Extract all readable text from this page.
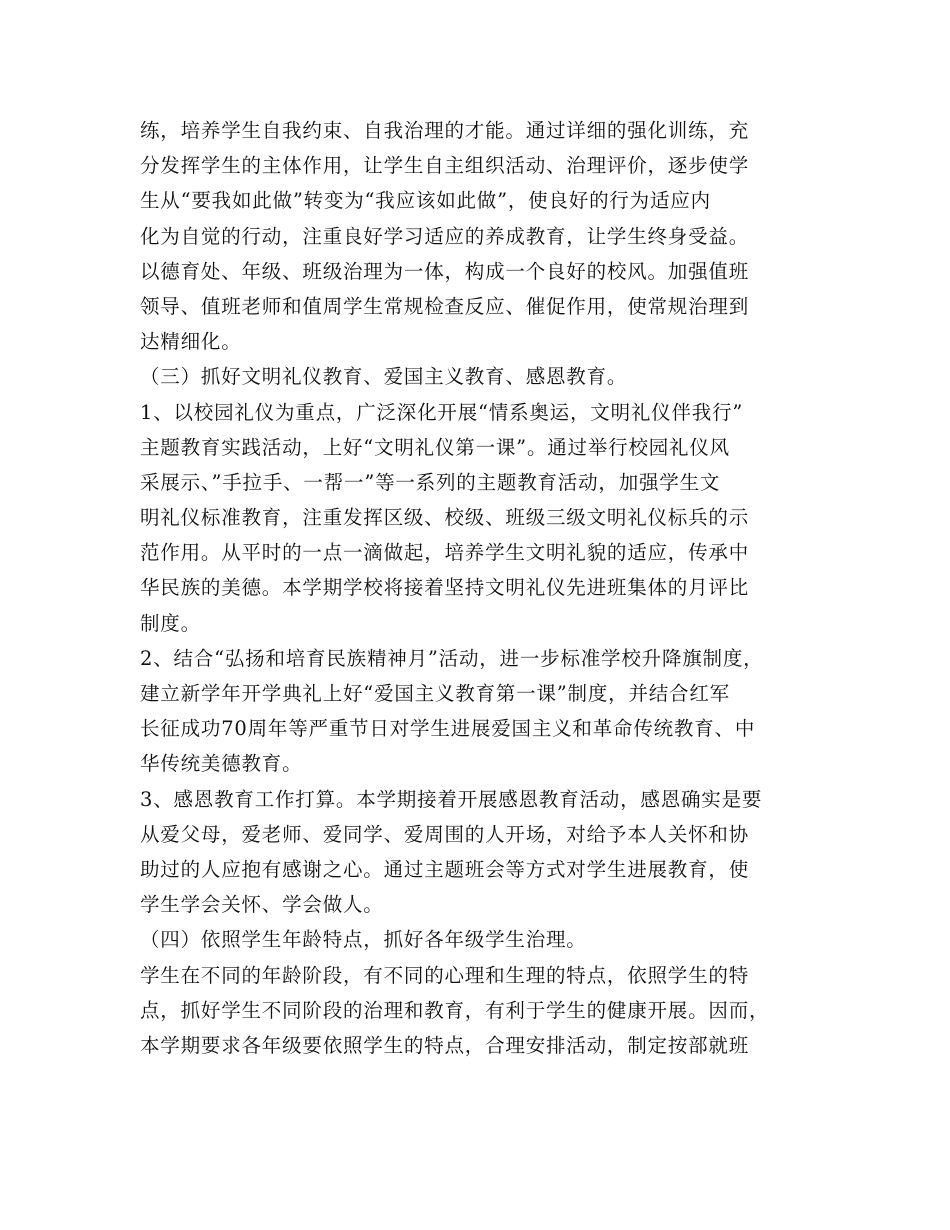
练，培养学生自我约束、自我治理的才能。通过详细的强化训练，充
分发挥学生的主体作用，让学生自主组织活动、治理评价，逐步使学
生从“要我如此做”转变为“我应该如此做”，使良好的行为适应内
化为自觉的行动，注重良好学习适应的养成教育，让学生终身受益。
以德育处、年级、班级治理为一体，构成一个良好的校风。加强值班
领导、值班老师和值周学生常规检查反应、催促作用，使常规治理到
达精细化。
（三）抓好文明礼仪教育、爱国主义教育、感恩教育。
1、以校园礼仪为重点，广泛深化开展“情系奥运，文明礼仪伴我行”
主题教育实践活动，上好“文明礼仪第一课”。通过举行校园礼仪风
采展示、”手拉手、一帮一”等一系列的主题教育活动，加强学生文
明礼仪标准教育，注重发挥区级、校级、班级三级文明礼仪标兵的示
范作用。从平时的一点一滴做起，培养学生文明礼貌的适应，传承中
华民族的美德。本学期学校将接着坚持文明礼仪先进班集体的月评比
制度。
2、结合“弘扬和培育民族精神月”活动，进一步标准学校升降旗制度，
建立新学年开学典礼上好“爱国主义教育第一课”制度，并结合红军
长征成功70周年等严重节日对学生进展爱国主义和革命传统教育、中
华传统美德教育。
3、感恩教育工作打算。本学期接着开展感恩教育活动，感恩确实是要
从爱父母，爱老师、爱同学、爱周围的人开场，对给予本人关怀和协
助过的人应抱有感谢之心。通过主题班会等方式对学生进展教育，使
学生学会关怀、学会做人。
（四）依照学生年龄特点，抓好各年级学生治理。
学生在不同的年龄阶段，有不同的心理和生理的特点，依照学生的特
点，抓好学生不同阶段的治理和教育，有利于学生的健康开展。因而，
本学期要求各年级要依照学生的特点，合理安排活动，制定按部就班
